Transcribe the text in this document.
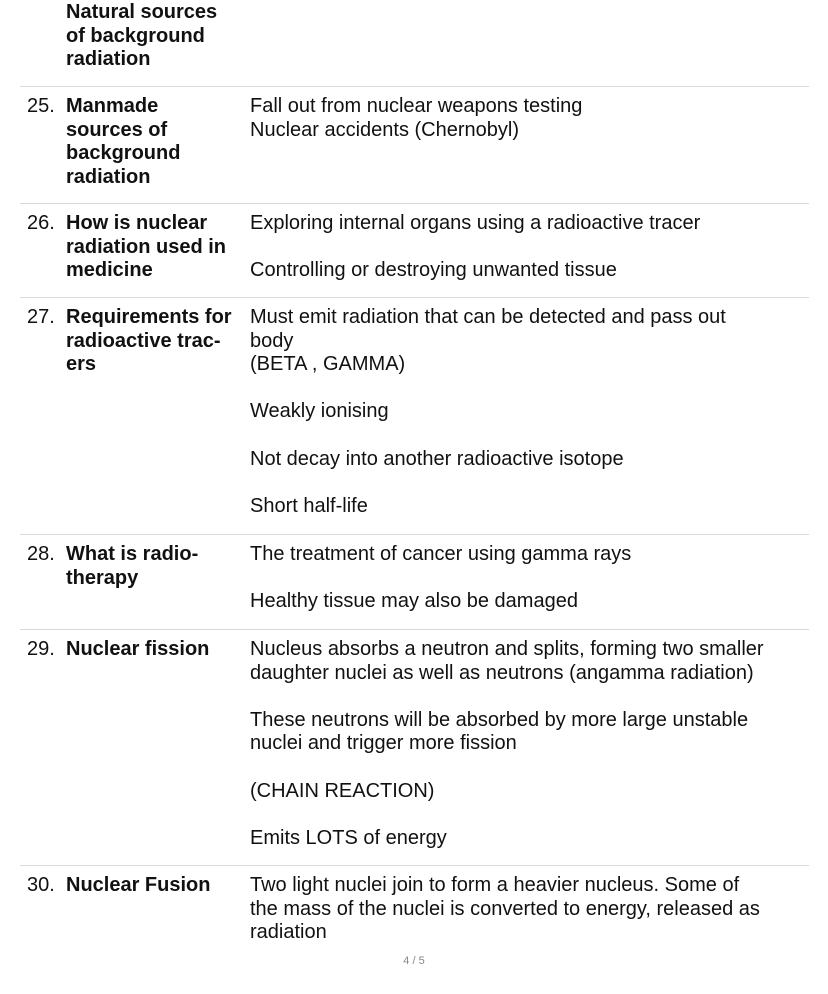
Natural sources
of background
radiation
25. Manmade
sources of
background
radiation
Fall out from nuclear weapons testing
Nuclear accidents (Chernobyl)
26. How is nuclear
radiation used in
medicine
Exploring internal organs using a radioactive tracer
Controlling or destroying unwanted tissue
27. Requirements for
radioactive trac-
ers
Must emit radiation that can be detected and pass out
body
(BETA , GAMMA)
Weakly ionising
Not decay into another radioactive isotope
Short half-life
28. What is radio-
therapy
The treatment of cancer using gamma rays
Healthy tissue may also be damaged
29. Nuclear fission	Nucleus absorbs a neutron and splits, forming two smaller
daughter nuclei as well as neutrons (angamma radiation)
These neutrons will be absorbed by more large unstable
nuclei and trigger more fission
(CHAIN REACTION)
Emits LOTS of energy
30. Nuclear Fusion	Two light nuclei join to form a heavier nucleus. Some of
the mass of the nuclei is converted to energy, released as
radiation
4 / 5
